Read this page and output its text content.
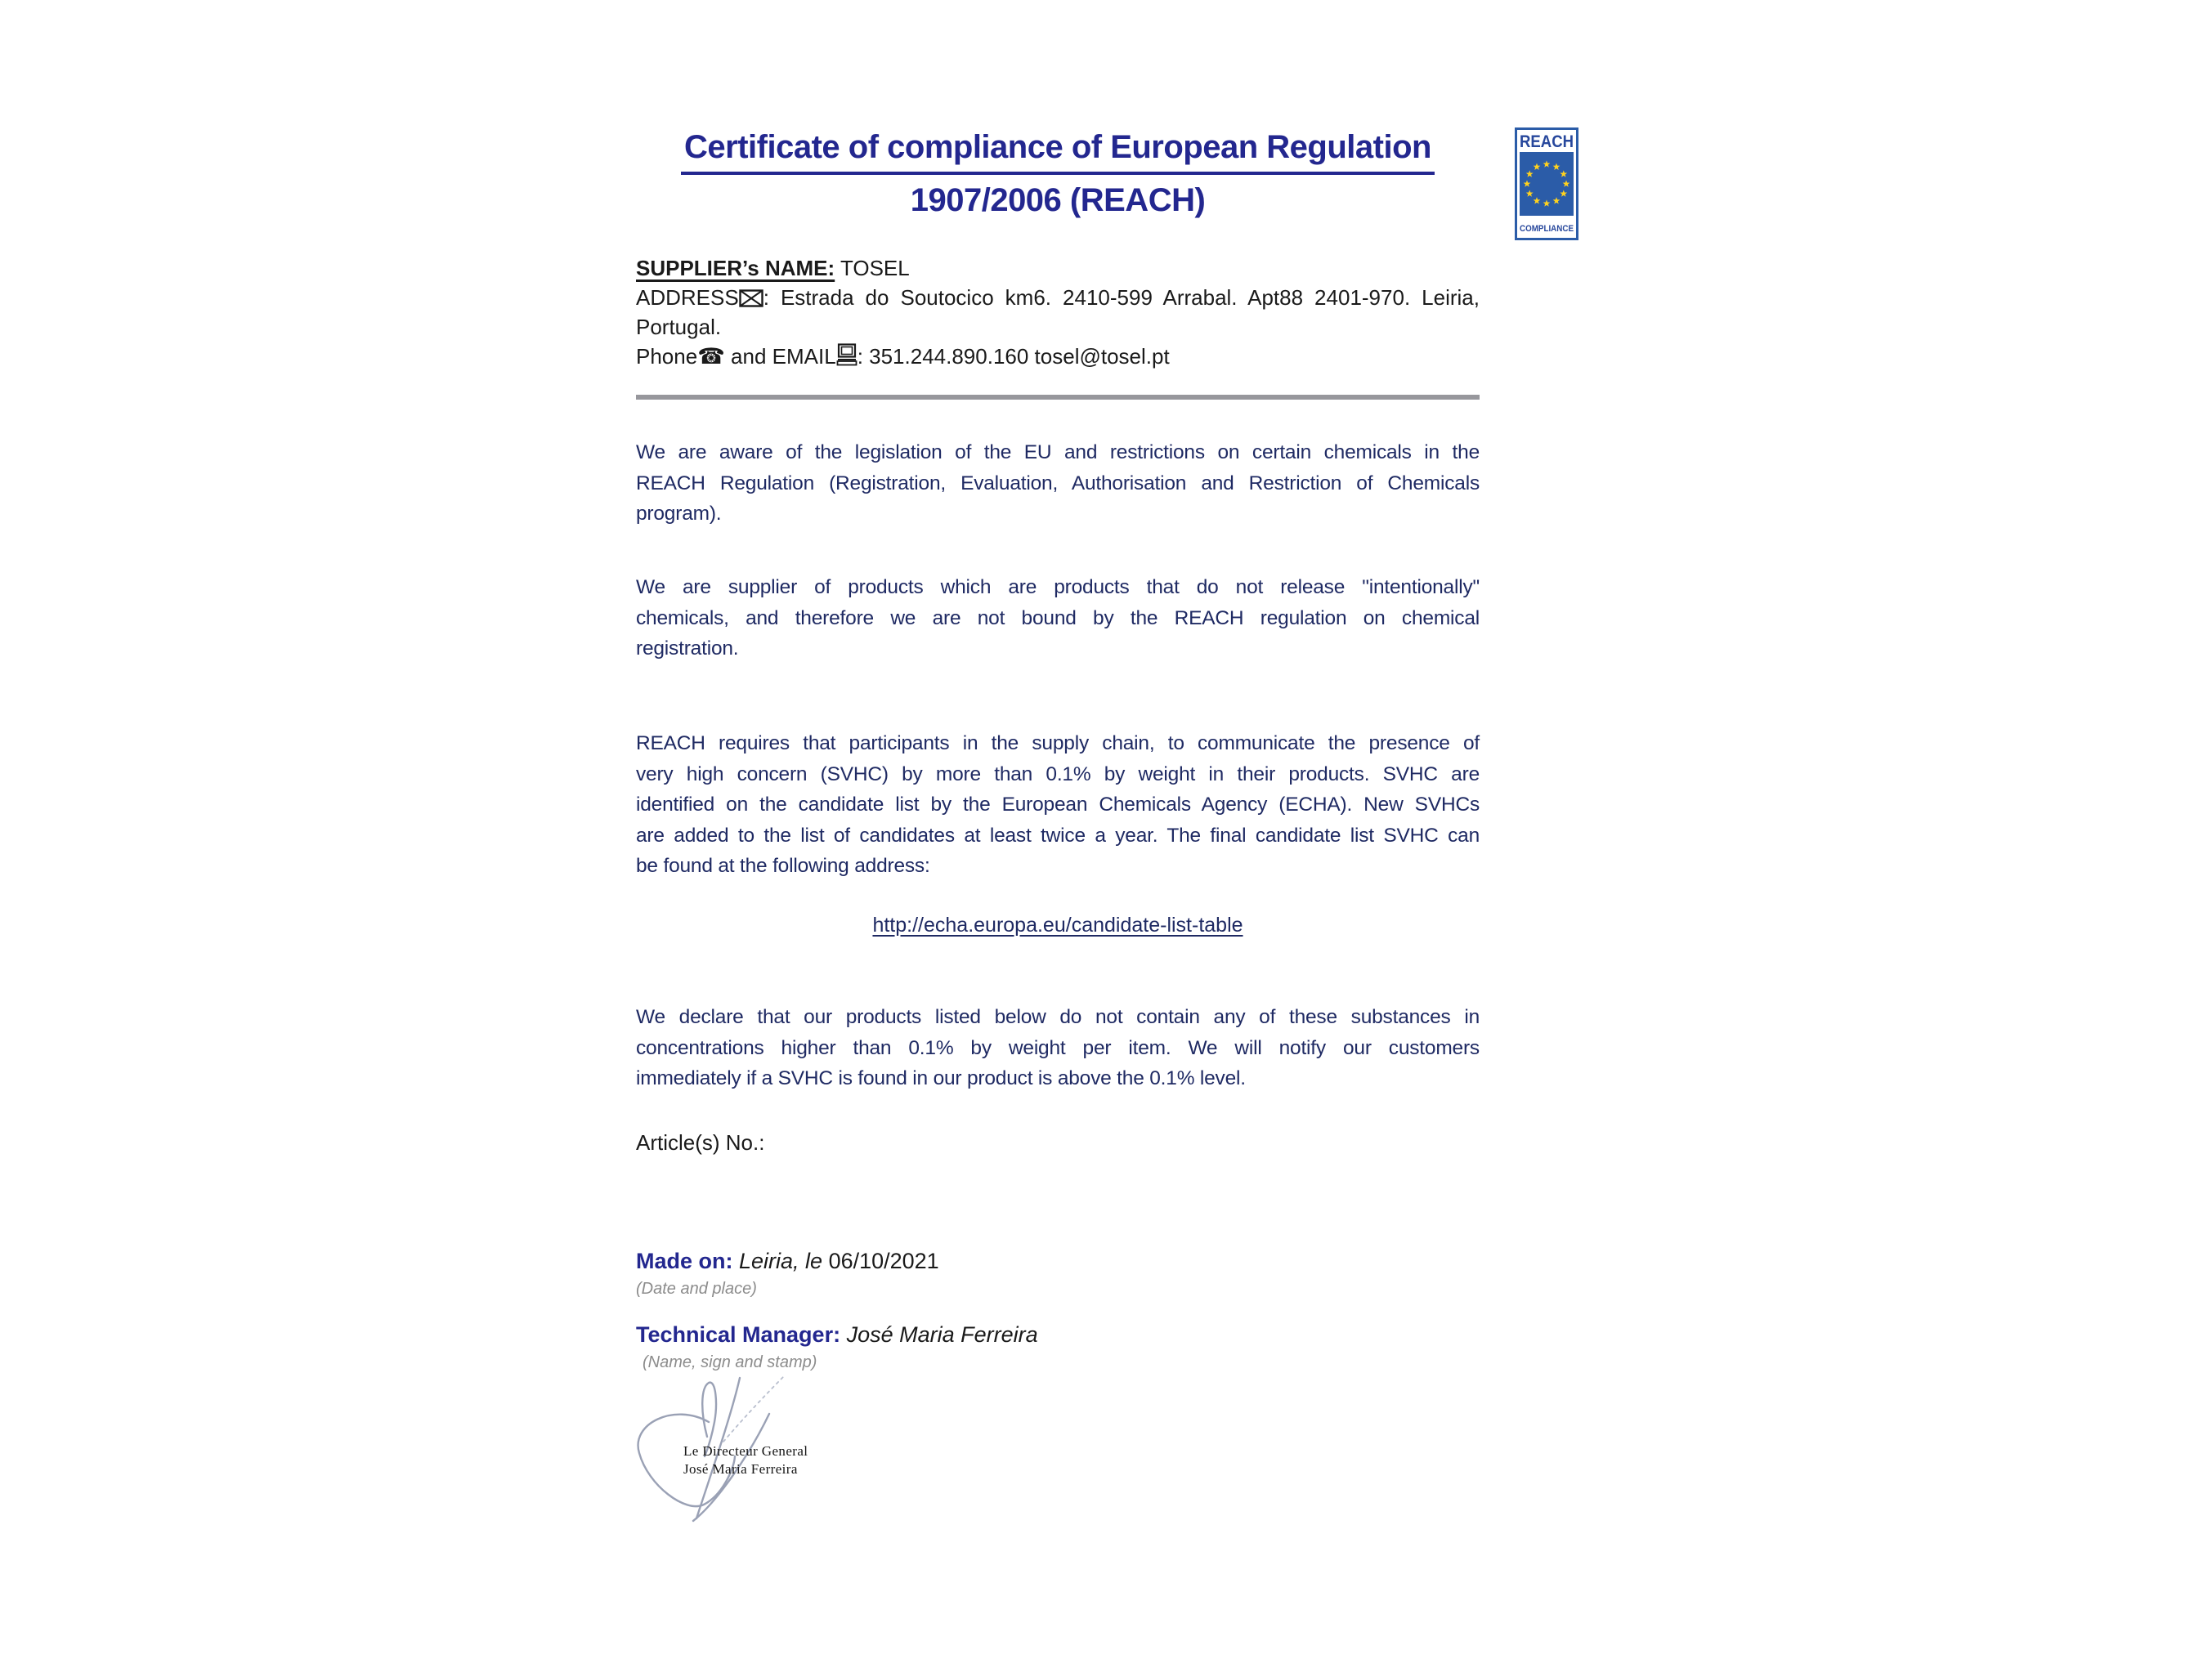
Certificate of compliance of European Regulation
1907/2006 (REACH)
REACH
COMPLIANCE
SUPPLIER’s NAME: TOSEL
ADDRESS : Estrada do Soutocico km6. 2410-599 Arrabal. Apt88 2401-970. Leiria,
Portugal.
Phone☎ and EMAIL : 351.244.890.160 tosel@tosel.pt
We are aware of the legislation of the EU and restrictions on certain chemicals in the
REACH Regulation (Registration, Evaluation, Authorisation and Restriction of Chemicals
program).
We are supplier of products which are products that do not release "intentionally"
chemicals, and therefore we are not bound by the REACH regulation on chemical
registration.
REACH requires that participants in the supply chain, to communicate the presence of
very high concern (SVHC) by more than 0.1% by weight in their products. SVHC are
identified on the candidate list by the European Chemicals Agency (ECHA). New SVHCs
are added to the list of candidates at least twice a year. The final candidate list SVHC can
be found at the following address:
http://echa.europa.eu/candidate-list-table
We declare that our products listed below do not contain any of these substances in
concentrations higher than 0.1% by weight per item. We will notify our customers
immediately if a SVHC is found in our product is above the 0.1% level.
Article(s) No.:
Made on: Leiria, le 06/10/2021
(Date and place)
Technical Manager: José Maria Ferreira
(Name, sign and stamp)
Le Directeur General
José Maria Ferreira
